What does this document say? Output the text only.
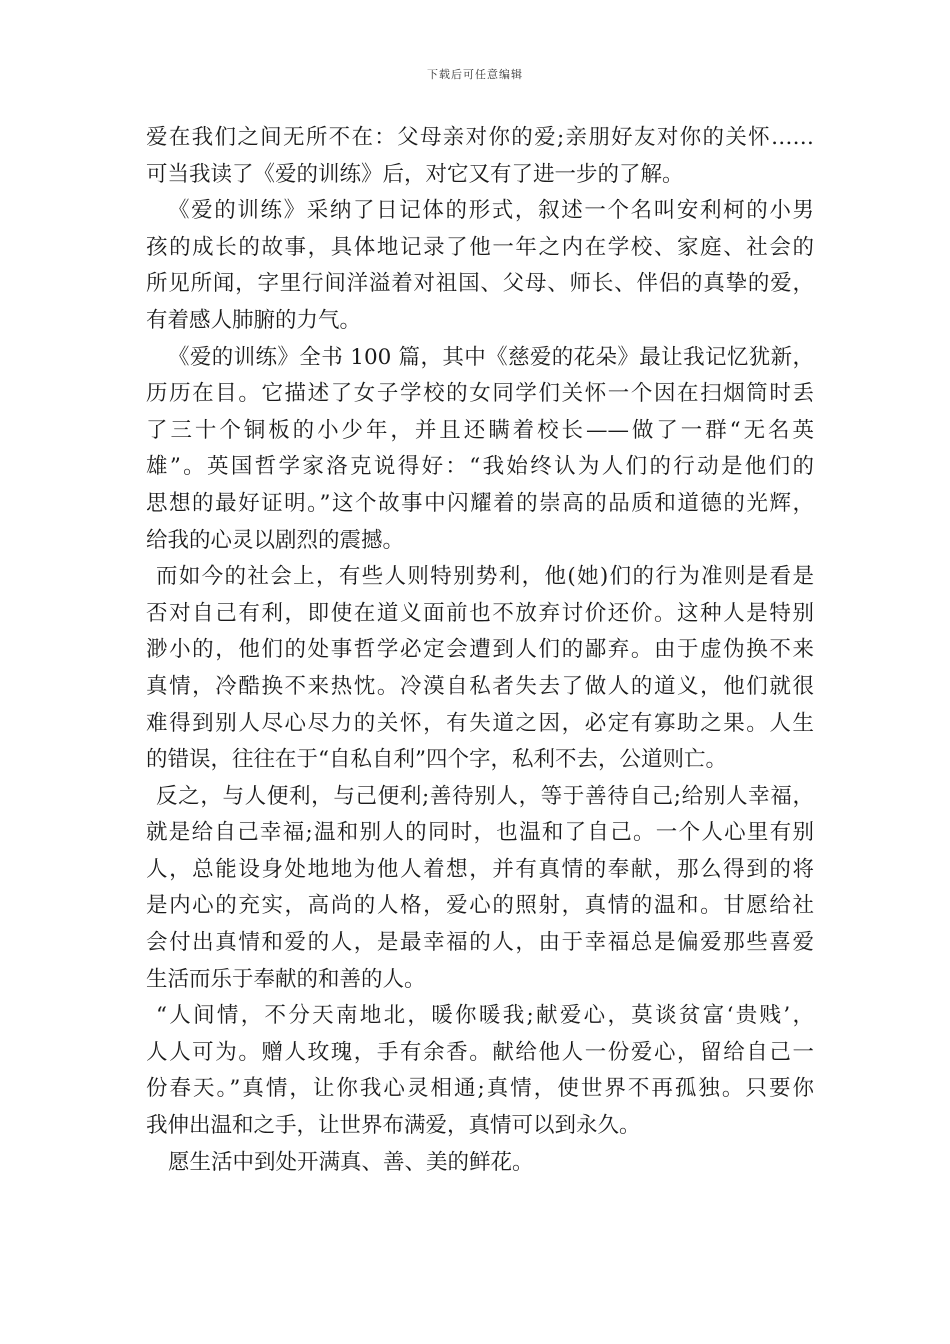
下载后可任意编辑
爱在我们之间无所不在：父母亲对你的爱;亲朋好友对你的关怀……
可当我读了《爱的训练》后，对它又有了进一步的了解。
《爱的训练》采纳了日记体的形式，叙述一个名叫安利柯的小男
孩的成长的故事，具体地记录了他一年之内在学校、家庭、社会的
所见所闻，字里行间洋溢着对祖国、父母、师长、伴侣的真挚的爱，
有着感人肺腑的力气。
《爱的训练》全书 100 篇，其中《慈爱的花朵》最让我记忆犹新，
历历在目。它描述了女子学校的女同学们关怀一个因在扫烟筒时丢
了三十个铜板的小少年，并且还瞒着校长——做了一群“无名英
雄”。英国哲学家洛克说得好：“我始终认为人们的行动是他们的
思想的最好证明。”这个故事中闪耀着的崇高的品质和道德的光辉，
给我的心灵以剧烈的震撼。
而如今的社会上，有些人则特别势利，他(她)们的行为准则是看是
否对自己有利，即使在道义面前也不放弃讨价还价。这种人是特别
渺小的，他们的处事哲学必定会遭到人们的鄙弃。由于虚伪换不来
真情，冷酷换不来热忱。冷漠自私者失去了做人的道义，他们就很
难得到别人尽心尽力的关怀，有失道之因，必定有寡助之果。人生
的错误，往往在于“自私自利”四个字，私利不去，公道则亡。
反之，与人便利，与己便利;善待别人，等于善待自己;给别人幸福，
就是给自己幸福;温和别人的同时，也温和了自己。一个人心里有别
人，总能设身处地地为他人着想，并有真情的奉献，那么得到的将
是内心的充实，高尚的人格，爱心的照射，真情的温和。甘愿给社
会付出真情和爱的人，是最幸福的人，由于幸福总是偏爱那些喜爱
生活而乐于奉献的和善的人。
“人间情，不分天南地北，暖你暖我;献爱心，莫谈贫富‘贵贱’，
人人可为。赠人玫瑰，手有余香。献给他人一份爱心，留给自己一
份春天。”真情，让你我心灵相通;真情，使世界不再孤独。只要你
我伸出温和之手，让世界布满爱，真情可以到永久。
愿生活中到处开满真、善、美的鲜花。
